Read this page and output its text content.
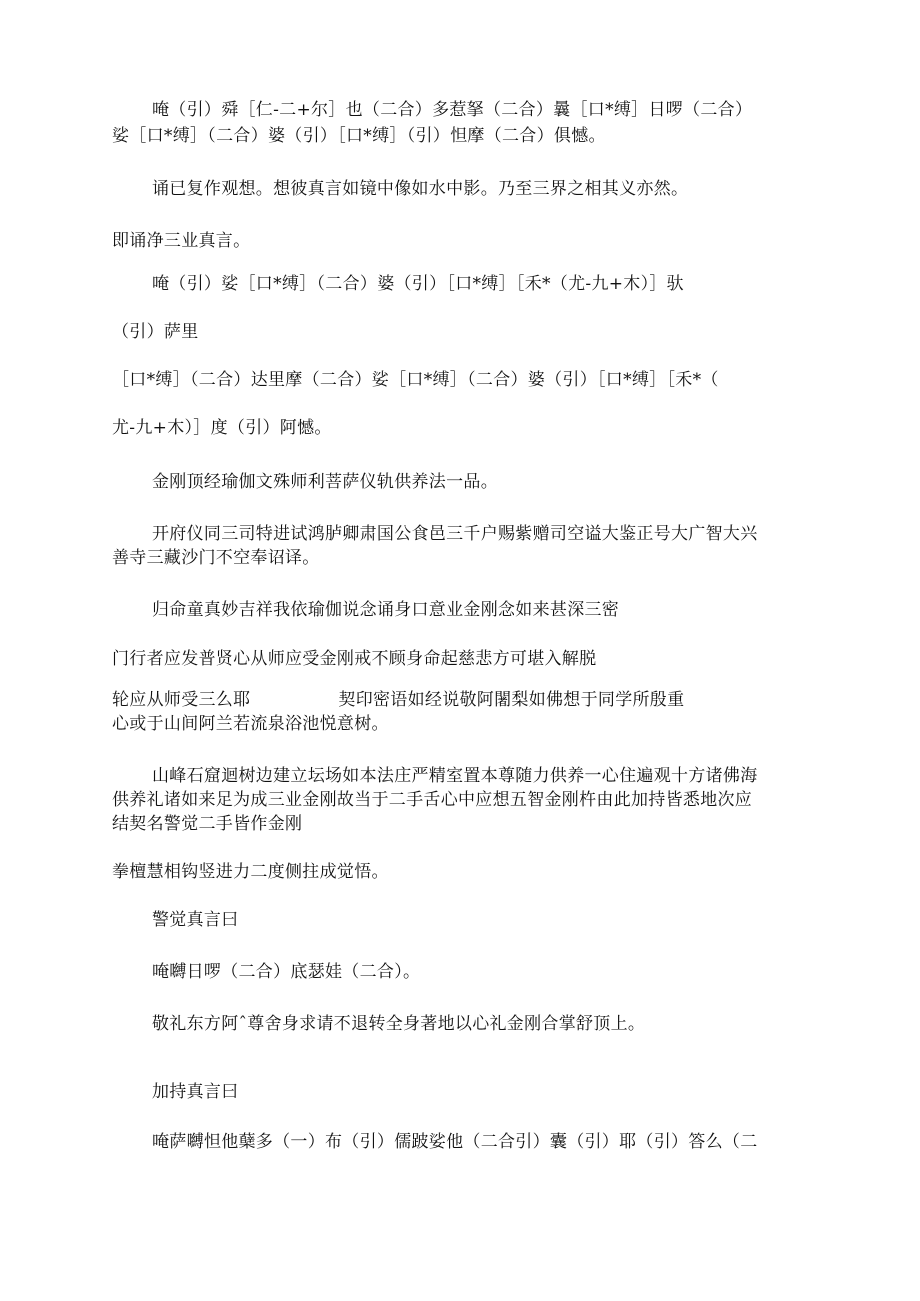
唵（引）舜［仁-二+尔］也（二合）多惹拏（二合）曩［口*缚］日啰（二合）
娑［口*缚］（二合）婆（引）［口*缚］（引）怛摩（二合）俱憾。
诵已复作观想。想彼真言如镜中像如水中影。乃至三界之相其义亦然。
即诵净三业真言。
唵（引）娑［口*缚］（二合）婆（引）［口*缚］［禾*（尤-九+木）］驮
（引）萨里
［口*缚］（二合）达里摩（二合）娑［口*缚］（二合）婆（引）［口*缚］［禾*（
尤-九+木）］度（引）阿憾。
金刚顶经瑜伽文殊师利菩萨仪轨供养法一品。
开府仪同三司特进试鸿胪卿肃国公食邑三千户赐紫赠司空谥大鉴正号大广智大兴
善寺三藏沙门不空奉诏译。
归命童真妙吉祥我依瑜伽说念诵身口意业金刚念如来甚深三密
门行者应发普贤心从师应受金刚戒不顾身命起慈悲方可堪入解脱
轮应从师受三么耶	契印密语如经说敬阿闍梨如佛想于同学所殷重
心或于山间阿兰若流泉浴池悦意树。
山峰石窟迴树边建立坛场如本法庄严精室置本尊随力供养一心住遍观十方诸佛海
供养礼诸如来足为成三业金刚故当于二手舌心中应想五智金刚杵由此加持皆悉地次应
结契名警觉二手皆作金刚
拳檀慧相钩竖进力二度侧拄成觉悟。
警觉真言曰
唵嚩日啰（二合）底瑟娃（二合）。
敬礼东方阿ˆ尊舍身求请不退转全身著地以心礼金刚合掌舒顶上。
加持真言曰
唵萨嚩怛他蘖多（一）布（引）儒跛娑他（二合引）囊（引）耶（引）答么（二
